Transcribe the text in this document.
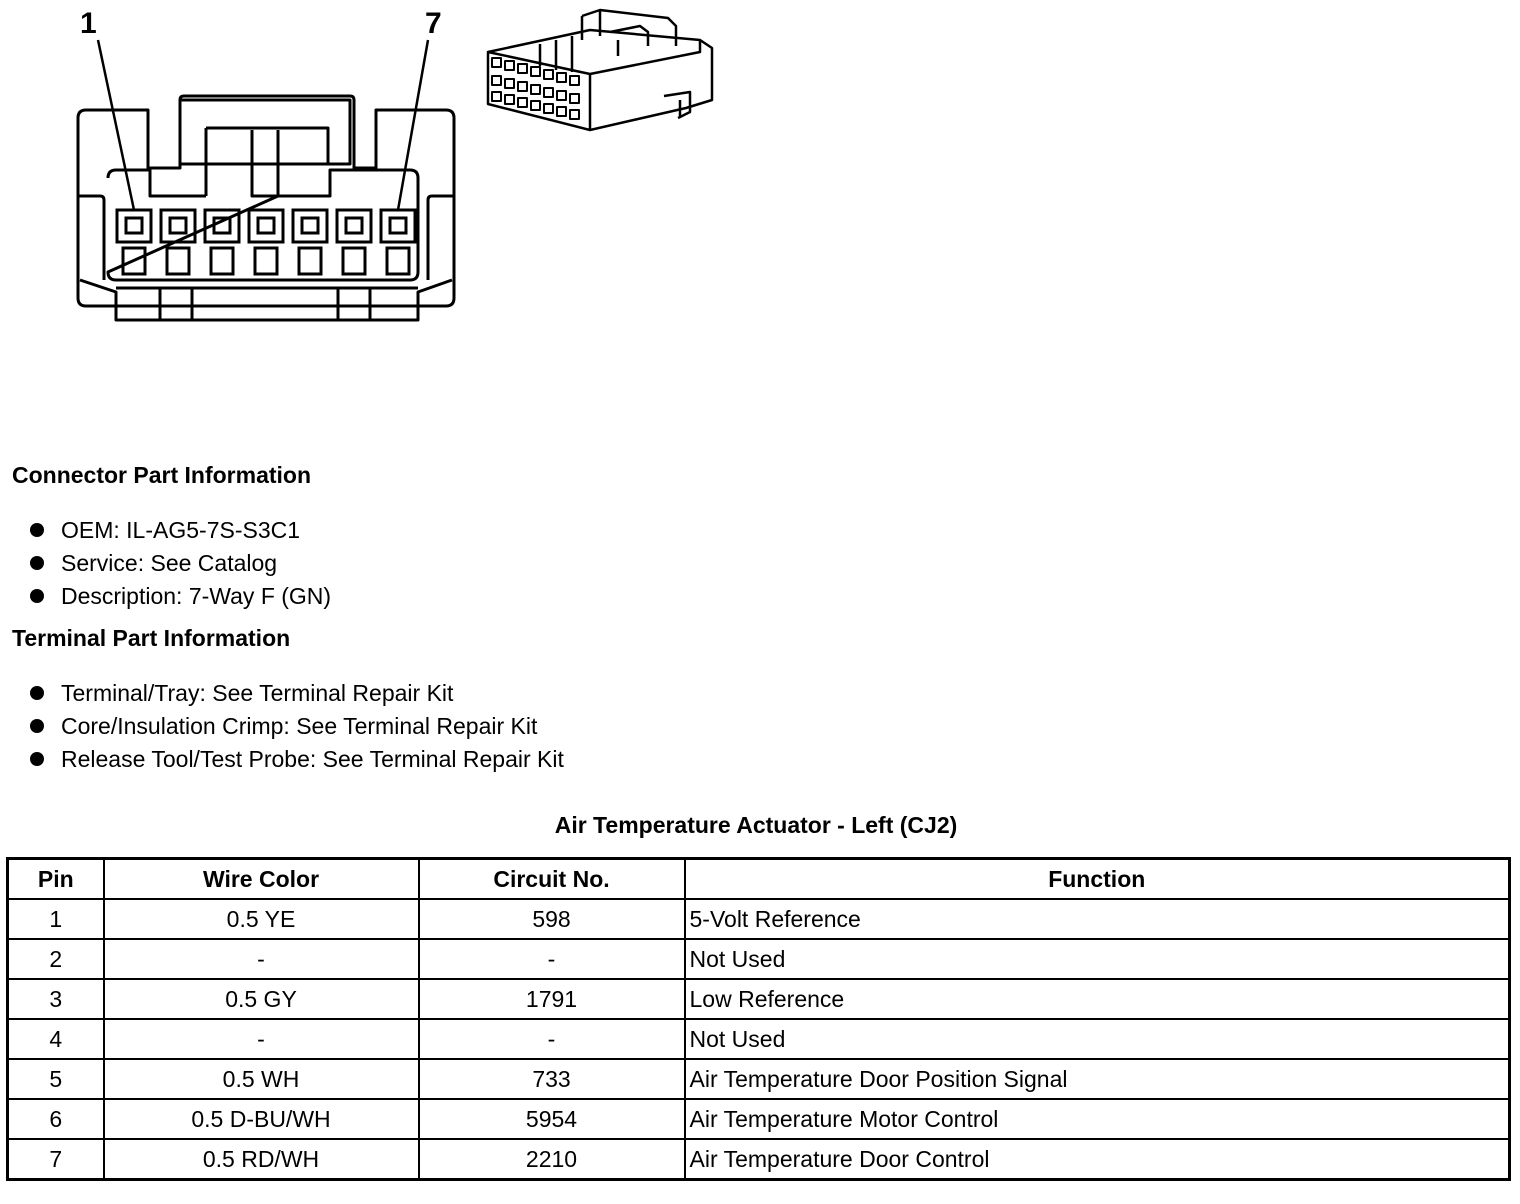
1	7
Connector Part Information
OEM: IL-AG5-7S-S3C1
Service: See Catalog
Description: 7-Way F (GN)
Terminal Part Information
Terminal/Tray: See Terminal Repair Kit
Core/Insulation Crimp: See Terminal Repair Kit
Release Tool/Test Probe: See Terminal Repair Kit
Air Temperature Actuator - Left (CJ2)
Pin	Wire Color	Circuit No.	Function
1	0.5 YE	598	5-Volt Reference
2	-	-	Not Used
3	0.5 GY	1791	Low Reference
4	-	-	Not Used
5	0.5 WH	733	Air Temperature Door Position Signal
6	0.5 D-BU/WH	5954	Air Temperature Motor Control
7	0.5 RD/WH	2210	Air Temperature Door Control
